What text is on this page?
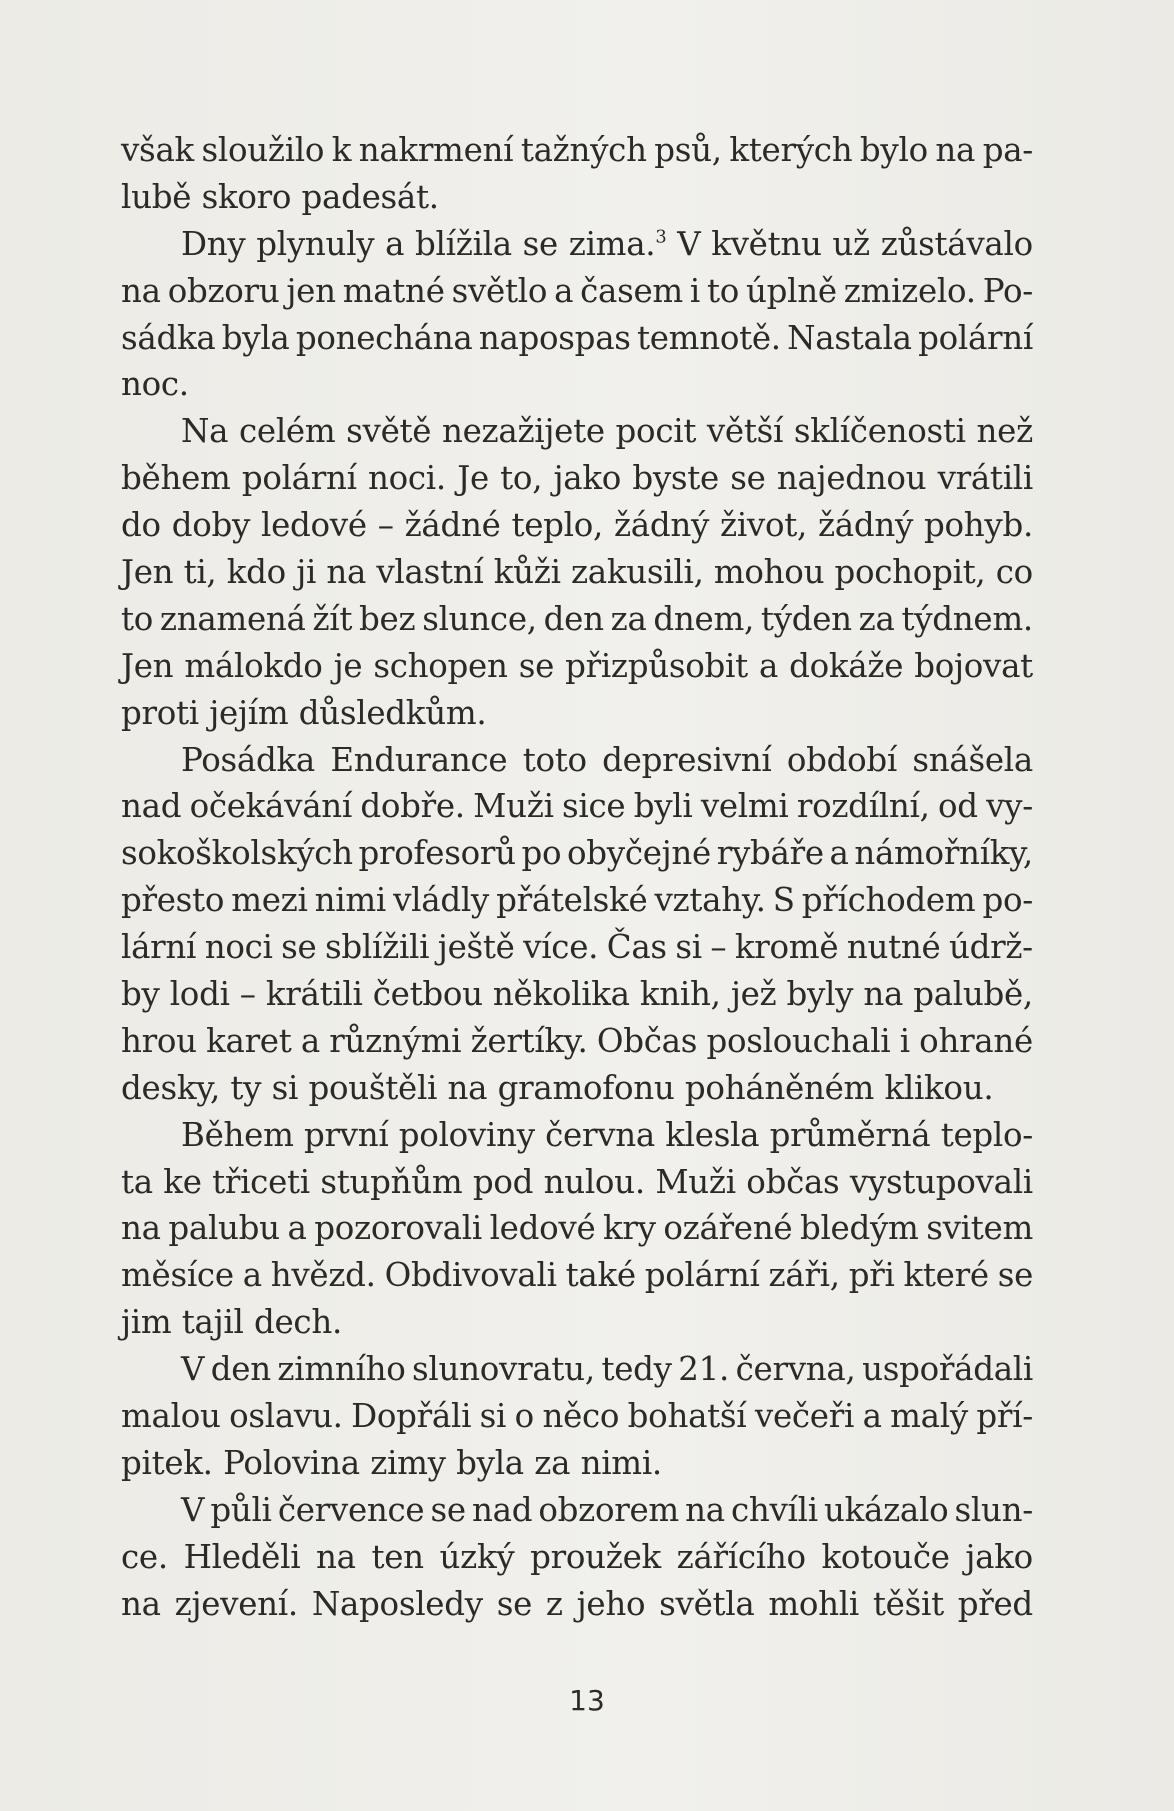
však sloužilo k nakrmení tažných psů, kterých bylo na pa-
lubě skoro padesát.
Dny plynuly a blížila se zima.$^3$ V květnu už zůstávalo
na obzoru jen matné světlo a časem i to úplně zmizelo. Po-
sádka byla ponechána napospas temnotě. Nastala polární
noc.
Na celém světě nezažijete pocit větší sklíčenosti než
během polární noci. Je to, jako byste se najednou vrátili
do doby ledové – žádné teplo, žádný život, žádný pohyb.
Jen ti, kdo ji na vlastní kůži zakusili, mohou pochopit, co
to znamená žít bez slunce, den za dnem, týden za týdnem.
Jen málokdo je schopen se přizpůsobit a dokáže bojovat
proti jejím důsledkům.
Posádka Endurance toto depresivní období snášela
nad očekávání dobře. Muži sice byli velmi rozdílní, od vy-
sokoškolských profesorů po obyčejné rybáře a námořníky,
přesto mezi nimi vládly přátelské vztahy. S příchodem po-
lární noci se sblížili ještě více. Čas si – kromě nutné údrž-
by lodi – krátili četbou několika knih, jež byly na palubě,
hrou karet a různými žertíky. Občas poslouchali i ohrané
desky, ty si pouštěli na gramofonu poháněném klikou.
Během první poloviny června klesla průměrná teplo-
ta ke třiceti stupňům pod nulou. Muži občas vystupovali
na palubu a pozorovali ledové kry ozářené bledým svitem
měsíce a hvězd. Obdivovali také polární záři, při které se
jim tajil dech.
V den zimního slunovratu, tedy 21. června, uspořádali
malou oslavu. Dopřáli si o něco bohatší večeři a malý pří-
pitek. Polovina zimy byla za nimi.
V půli července se nad obzorem na chvíli ukázalo slun-
ce. Hleděli na ten úzký proužek zářícího kotouče jako
na zjevení. Naposledy se z jeho světla mohli těšit před
13
